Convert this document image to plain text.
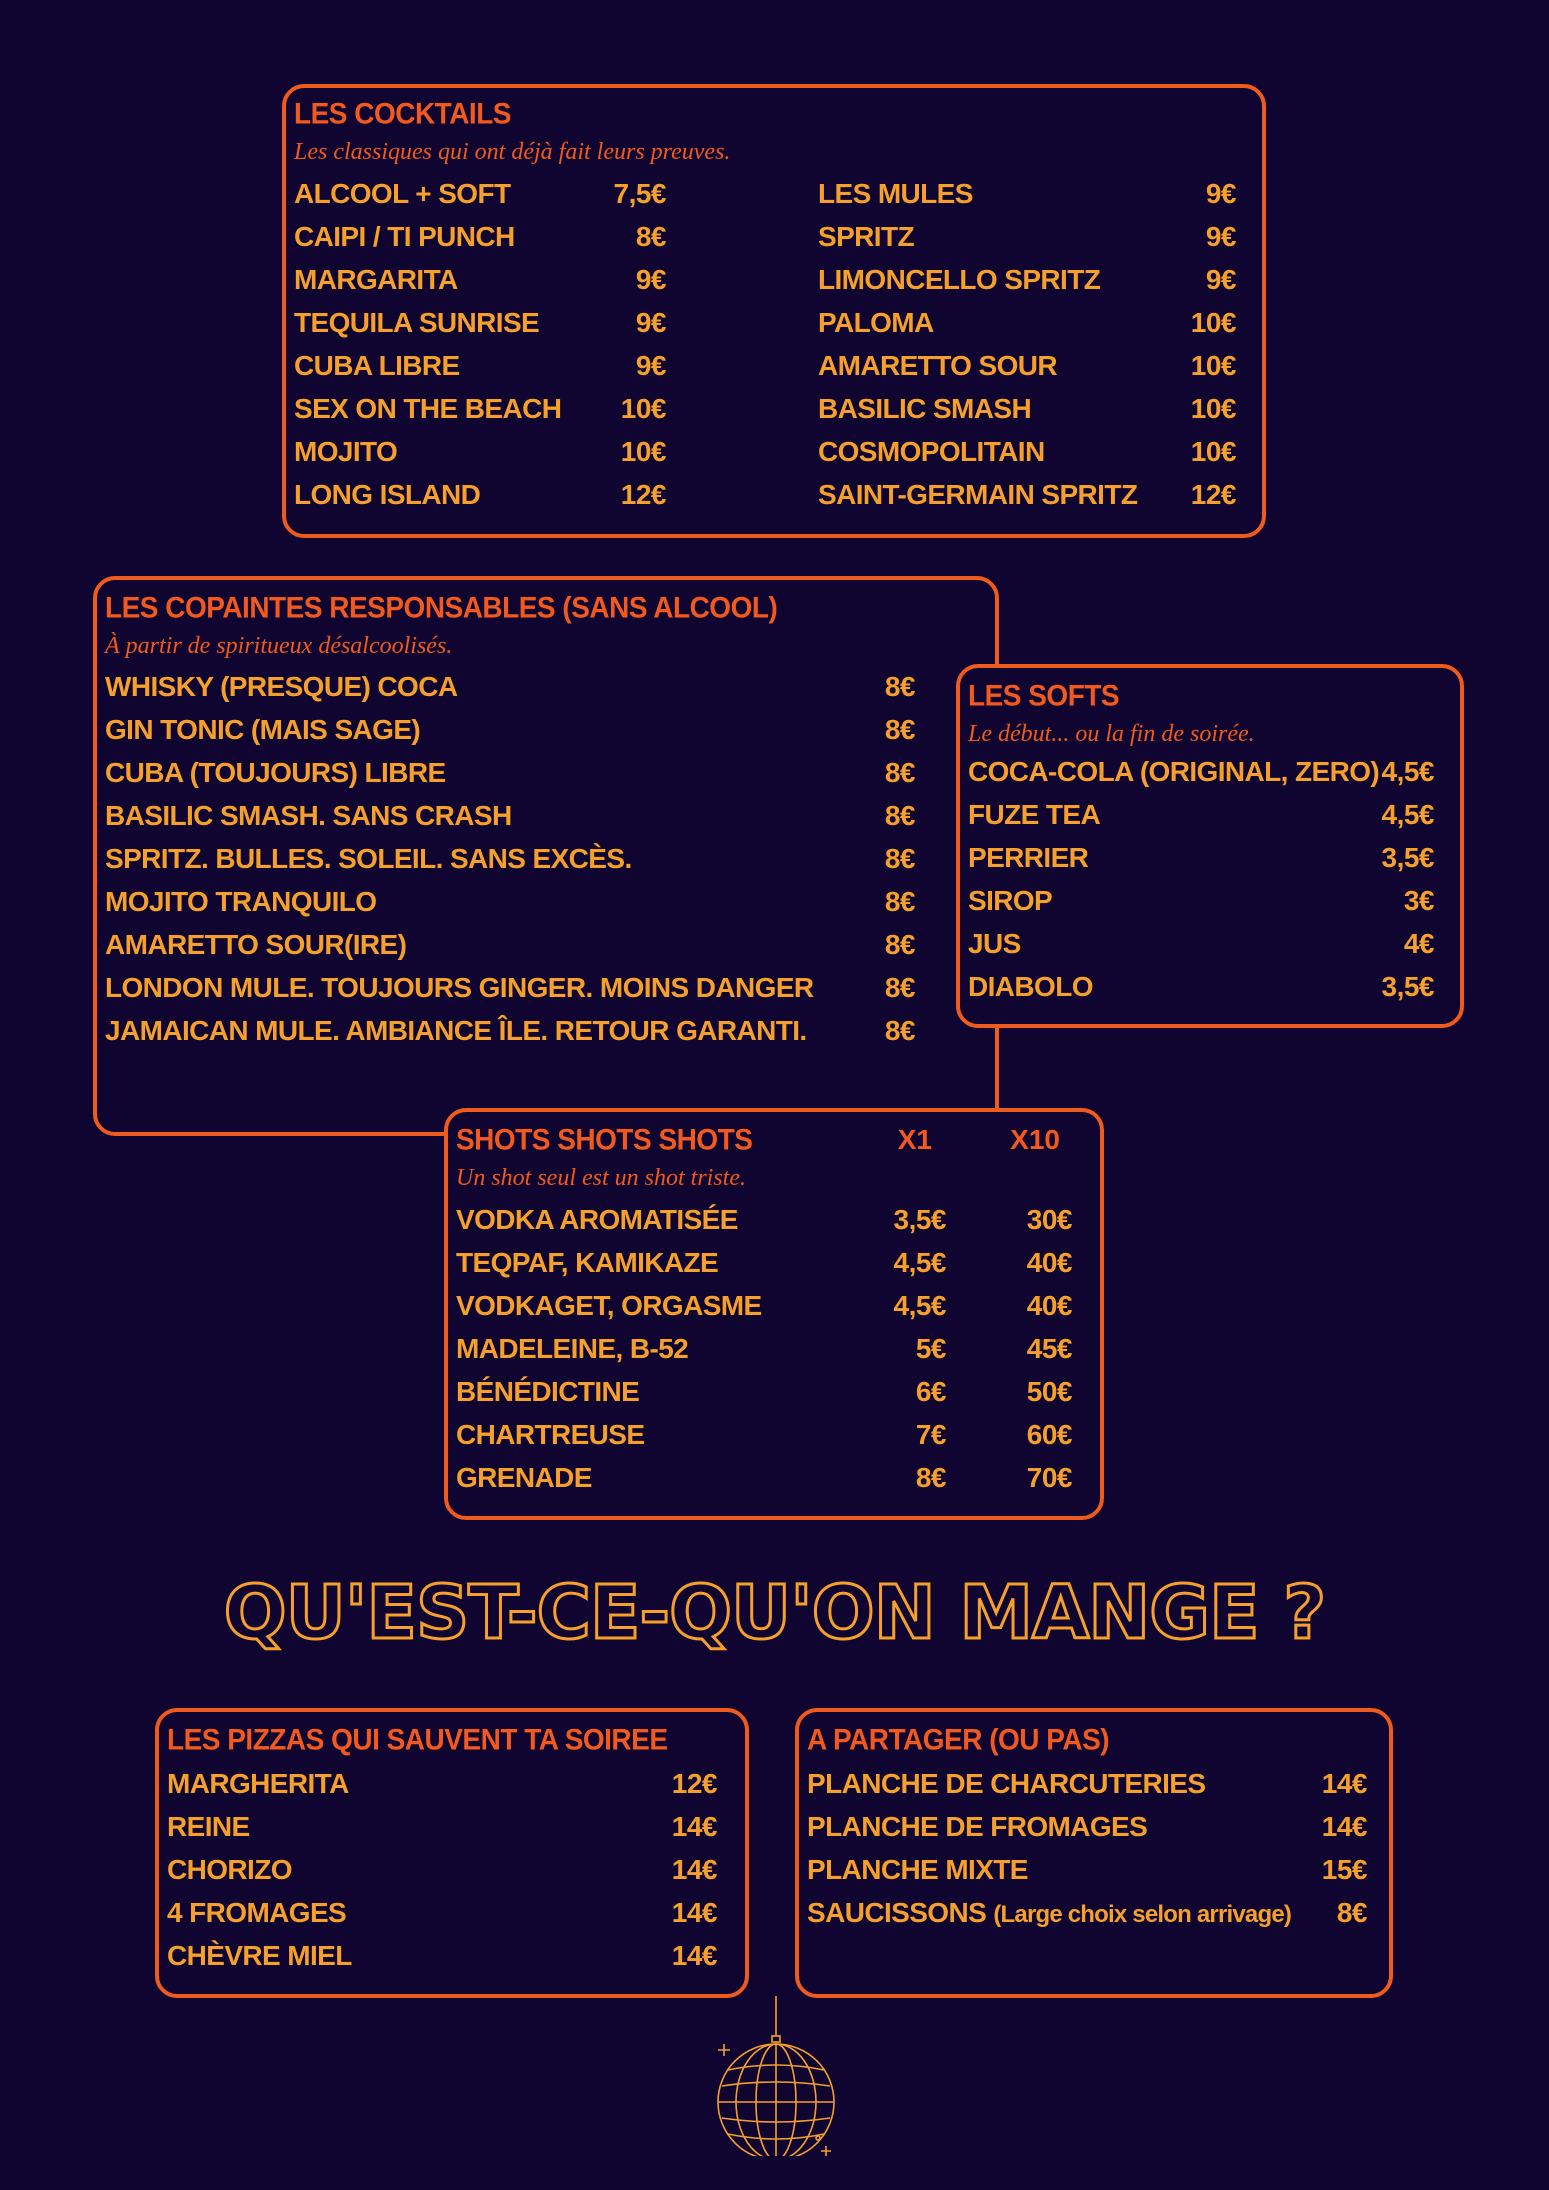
LES COCKTAILS

Les classiques qui ont déjà fait leurs preuves.

ALCOOL + SOFT	7,5€
CAIPI / TI PUNCH	8€
MARGARITA	9€
TEQUILA SUNRISE	9€
CUBA LIBRE	9€
SEX ON THE BEACH 10€
MOJITO	10€
LONG ISLAND	12€
LES MULES	9€
SPRITZ	9€
LIMONCELLO SPRITZ	9€
PALOMA	10€
AMARETTO SOUR	10€
BASILIC SMASH	10€
COSMOPOLITAIN	10€
SAINT-GERMAIN SPRITZ 12€
LES COPAINTES RESPONSABLES (SANS ALCOOL)

À partir de spiritueux désalcoolisés.

WHISKY (PRESQUE) COCA	8€
GIN TONIC (MAIS SAGE)	8€
CUBA (TOUJOURS) LIBRE	8€
BASILIC SMASH. SANS CRASH	8€
SPRITZ. BULLES. SOLEIL. SANS EXCÈS.	8€
MOJITO TRANQUILO	8€
AMARETTO SOUR(IRE)	8€
LONDON MULE. TOUJOURS GINGER. MOINS DANGER	8€
JAMAICAN MULE. AMBIANCE ÎLE. RETOUR GARANTI.	8€
LES SOFTS

Le début... ou la fin de soirée.

COCA-COLA (ORIGINAL, ZERO) 4,5€
FUZE TEA	4,5€
PERRIER	3,5€
SIROP	3€
JUS	4€
DIABOLO	3,5€
SHOTS SHOTS SHOTS	X1	X10

Un shot seul est un shot triste.

VODKA AROMATISÉE	3,5€	30€
TEQPAF, KAMIKAZE	4,5€	40€
VODKAGET, ORGASME	4,5€	40€
MADELEINE, B-52	5€	45€
BÉNÉDICTINE	6€	50€
CHARTREUSE	7€	60€
GRENADE	8€	70€
QU'EST-CE-QU'ON MANGE ?
LES PIZZAS QUI SAUVENT TA SOIREE
MARGHERITA	12€
REINE	14€
CHORIZO	14€
4 FROMAGES	14€
CHÈVRE MIEL	14€
A PARTAGER (OU PAS)
PLANCHE DE CHARCUTERIES	14€
PLANCHE DE FROMAGES	14€
PLANCHE MIXTE	15€
SAUCISSONS (Large choix selon arrivage) 8€
